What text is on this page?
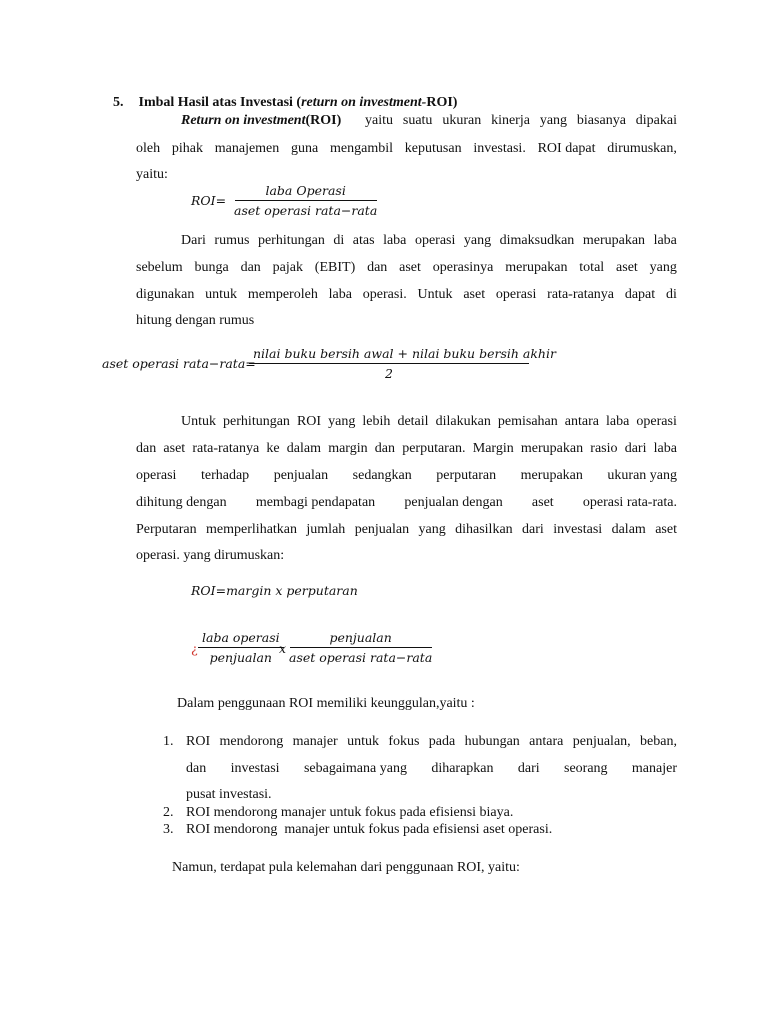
5. Imbal Hasil atas Investasi (return on investment-ROI)
Return on investment(ROI) yaitu suatu ukuran kinerja yang biasanya dipakai
oleh pihak manajemen guna mengambil keputusan investasi. ROI dapat dirumuskan,
yaitu:
ROI=
laba Operasi
aset operasi rata−rata
Dari rumus perhitungan di atas laba operasi yang dimaksudkan merupakan laba
sebelum bunga dan pajak (EBIT) dan aset operasinya merupakan total aset yang
digunakan untuk memperoleh laba operasi. Untuk aset operasi rata-ratanya dapat di
hitung dengan rumus
aset operasi rata−rata=
nilai buku bersih awal + nilai buku bersih akhir
2
Untuk perhitungan ROI yang lebih detail dilakukan pemisahan antara laba operasi
dan aset rata-ratanya ke dalam margin dan perputaran. Margin merupakan rasio dari laba
operasi terhadap penjualan sedangkan perputaran merupakan ukuran yang
dihitung dengan membagi pendapatan penjualan dengan aset operasi rata-rata.
Perputaran memperlihatkan jumlah penjualan yang dihasilkan dari investasi dalam aset
operasi. yang dirumuskan:
ROI=margin x perputaran
¿
laba operasi
penjualan
x
penjualan
aset operasi rata−rata
Dalam penggunaan ROI memiliki keunggulan,yaitu :
1. ROI mendorong manajer untuk fokus pada hubungan antara penjualan, beban,
dan investasi sebagaimana yang diharapkan dari seorang manajer
pusat investasi.
2. ROI mendorong manajer untuk fokus pada efisiensi biaya.
3. ROI mendorong  manajer untuk fokus pada efisiensi aset operasi.
Namun, terdapat pula kelemahan dari penggunaan ROI, yaitu:
